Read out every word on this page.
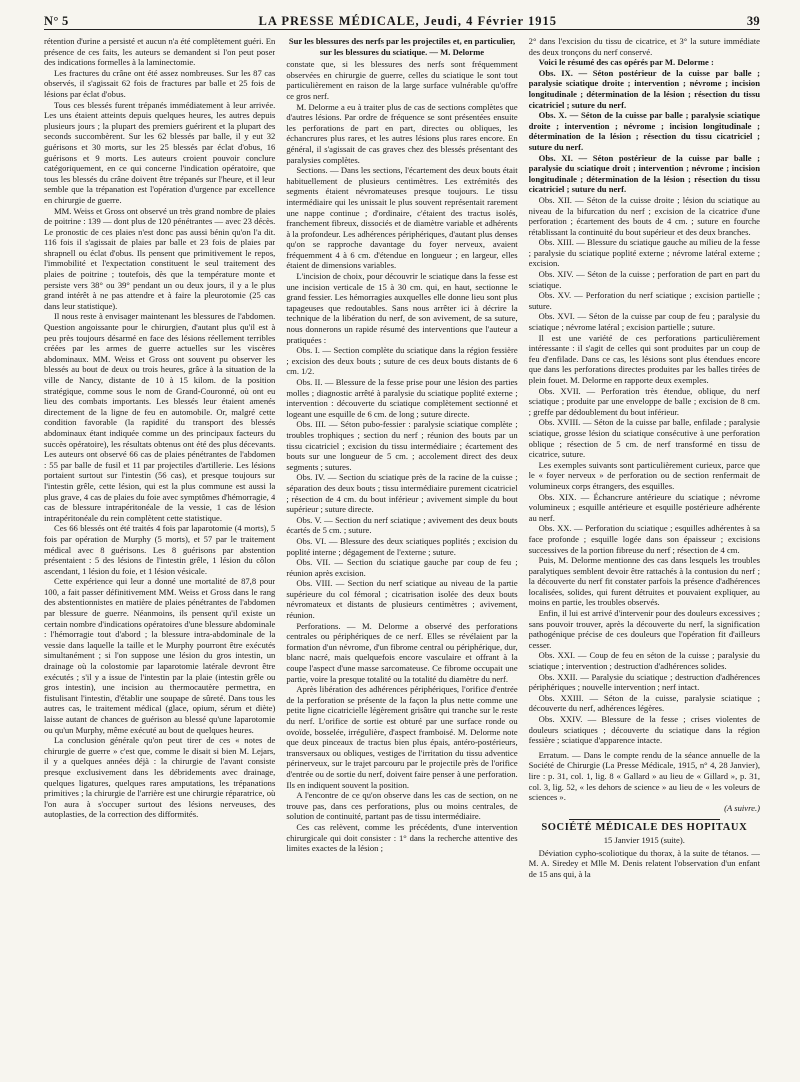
N° 5	LA PRESSE MÉDICALE, Jeudi, 4 Février 1915	39

rétention d'urine a persisté et aucun n'a été complètement guéri. En présence de ces faits, les auteurs se demandent si l'on peut poser des indications formelles à la laminectomie.

Les fractures du crâne ont été assez nombreuses. Sur les 87 cas observés, il s'agissait 62 fois de fractures par balle et 25 fois de lésions par éclat d'obus.

Tous ces blessés furent trépanés immédiatement à leur arrivée. Les uns étaient atteints depuis quelques heures, les autres depuis plusieurs jours ; la plupart des premiers guérirent et la plupart des seconds succombèrent. Sur les 62 blessés par balle, il y eut 32 guérisons et 30 morts, sur les 25 blessés par éclat d'obus, 16 guérisons et 9 morts. Les auteurs croient pouvoir conclure catégoriquement, en ce qui concerne l'indication opératoire, que tous les blessés du crâne doivent être trépanés sur l'heure, et il leur semble que la trépanation est l'opération d'urgence par excellence en chirurgie de guerre.

MM. Weiss et Gross ont observé un très grand nombre de plaies de poitrine : 139 — dont plus de 120 pénétrantes — avec 23 décès. Le pronostic de ces plaies n'est donc pas aussi bénin qu'on l'a dit. 116 fois il s'agissait de plaies par balle et 23 fois de plaies par shrapnell ou éclat d'obus. Ils pensent que primitivement le repos, l'immobilité et l'expectation constituent le seul traitement des plaies de poitrine ; toutefois, dès que la température monte et persiste vers 38° ou 39° pendant un ou deux jours, il y a le plus grand intérêt à ne pas attendre et à faire la pleurotomie (25 cas dans leur statistique).

Il nous reste à envisager maintenant les blessures de l'abdomen. Question angoissante pour le chirurgien, d'autant plus qu'il est à peu près toujours désarmé en face des lésions réellement terribles créées par les armes de guerre actuelles sur les viscères abdominaux. MM. Weiss et Gross ont souvent pu observer les blessés au bout de deux ou trois heures, grâce à la situation de la ville de Nancy, distante de 10 à 15 kilom. de la position stratégique, comme sous le nom de Grand-Couronné, où ont eu lieu des combats importants. Les blessés leur étaient amenés directement de la ligne de feu en automobile. Or, malgré cette condition favorable (la rapidité du transport des blessés abdominaux étant indiquée comme un des principaux facteurs du succès opératoire), les résultats obtenus ont été des plus décevants. Les auteurs ont observé 66 cas de plaies pénétrantes de l'abdomen : 55 par balle de fusil et 11 par projectiles d'artillerie. Les lésions portaient surtout sur l'intestin (56 cas), et presque toujours sur l'intestin grêle, cette lésion, qui est la plus commune est aussi la plus grave, 4 cas de plaies du foie avec symptômes d'hémorragie, 4 cas de blessure intrapéritonéale de la vessie, 1 cas de lésion intrapéritonéale du rein complètent cette statistique.

Ces 66 blessés ont été traités 4 fois par laparotomie (4 morts), 5 fois par opération de Murphy (5 morts), et 57 par le traitement médical avec 8 guérisons. Les 8 guérisons par abstention présentaient : 5 des lésions de l'intestin grêle, 1 lésion du côlon ascendant, 1 lésion du foie, et 1 lésion vésicale.

Cette expérience qui leur a donné une mortalité de 87,8 pour 100, a fait passer définitivement MM. Weiss et Gross dans le rang des abstentionnistes en matière de plaies pénétrantes de l'abdomen par blessure de guerre. Néanmoins, ils pensent qu'il existe un certain nombre d'indications opératoires d'une blessure abdominale : l'hémorragie tout d'abord ; la blessure intra-abdominale de la vessie dans laquelle la taille et le Murphy pourront être exécutés simultanément ; si l'on suppose une lésion du gros intestin, un drainage où la colostomie par laparotomie latérale devront être exécutés ; s'il y a issue de l'intestin par la plaie (intestin grêle ou gros intestin), une incision au thermocautère permettra, en fistulisant l'intestin, d'établir une soupape de sûreté. Dans tous les autres cas, le traitement médical (glace, opium, sérum et diète) laisse autant de chances de guérison au blessé qu'une laparotomie ou qu'un Murphy, même exécuté au bout de quelques heures.

La conclusion générale qu'on peut tirer de ces « notes de chirurgie de guerre » c'est que, comme le disait si bien M. Lejars, il y a quelques années déjà : la chirurgie de l'avant consiste presque exclusivement dans les débridements avec drainage, quelques ligatures, quelques rares amputations, les trépanations primitives ; la chirurgie de l'arrière est une chirurgie réparatrice, où l'on aura à s'occuper surtout des lésions nerveuses, des autoplasties, de la correction des difformités.

Sur les blessures des nerfs par les projectiles et, en particulier, sur les blessures du sciatique. — M. Delorme

constate que, si les blessures des nerfs sont fréquemment observées en chirurgie de guerre, celles du sciatique le sont tout particulièrement en raison de la large surface vulnérable qu'offre ce gros nerf.

M. Delorme a eu à traiter plus de cas de sections complètes que d'autres lésions. Par ordre de fréquence se sont présentées ensuite les perforations de part en part, directes ou obliques, les échancrures plus rares, et les autres lésions plus rares encore. En général, il s'agissait de cas graves chez des blessés présentant des paralysies complètes.

Sections. — Dans les sections, l'écartement des deux bouts était habituellement de plusieurs centimètres. Les extrémités des segments étaient névromateuses presque toujours. Le tissu intermédiaire qui les unissait le plus souvent représentait rarement une nappe continue ; d'ordinaire, c'étaient des tractus isolés, franchement fibreux, dissociés et de diamètre variable et adhérents à la profondeur. Les adhérences périphériques, d'autant plus denses qu'on se rapproche davantage du foyer nerveux, avaient fréquemment 4 à 6 cm. d'étendue en longueur ; en largeur, elles étaient de dimensions variables.

L'incision de choix, pour découvrir le sciatique dans la fesse est une incision verticale de 15 à 30 cm. qui, en haut, sectionne le grand fessier. Les hémorragies auxquelles elle donne lieu sont plus tapageuses que redoutables. Sans nous arrêter ici à décrire la technique de la libération du nerf, de son avivement, de sa suture, nous donnerons un rapide résumé des interventions que l'auteur a pratiquées :

Obs. I. — Section complète du sciatique dans la région fessière ; excision des deux bouts ; suture de ces deux bouts distants de 6 cm. 1/2.

Obs. II. — Blessure de la fesse prise pour une lésion des parties molles ; diagnostic arrêté à paralysie du sciatique poplité externe ; intervention : découverte du sciatique complètement sectionné et logeant une esquille de 6 cm. de long ; suture directe.

Obs. III. — Séton pubo-fessier : paralysie sciatique complète ; troubles trophiques ; section du nerf ; réunion des bouts par un tissu cicatriciel ; excision du tissu intermédiaire ; écartement des bouts sur une longueur de 5 cm. ; accolement direct des deux segments ; sutures.

Obs. IV. — Section du sciatique près de la racine de la cuisse ; séparation des deux bouts ; tissu intermédiaire purement cicatriciel ; résection de 4 cm. du bout inférieur ; avivement simple du bout supérieur ; suture directe.

Obs. V. — Section du nerf sciatique ; avivement des deux bouts écartés de 5 cm. ; suture.

Obs. VI. — Blessure des deux sciatiques poplités ; excision du poplité interne ; dégagement de l'externe ; suture.

Obs. VII. — Section du sciatique gauche par coup de feu ; réunion après excision.

Obs. VIII. — Section du nerf sciatique au niveau de la partie supérieure du col fémoral ; cicatrisation isolée des deux bouts névromateux et distants de plusieurs centimètres ; avivement, réunion.

Perforations. — M. Delorme a observé des perforations centrales ou périphériques de ce nerf. Elles se révélaient par la formation d'un névrome, d'un fibrome central ou périphérique, dur, blanc nacré, mais quelquefois encore vasculaire et offrant à la coupe l'aspect d'une masse sarcomateuse. Ce fibrome occupait une partie, voire la presque totalité ou la totalité du diamètre du nerf.

Après libération des adhérences périphériques, l'orifice d'entrée de la perforation se présente de la façon la plus nette comme une petite ligne cicatricielle légèrement grisâtre qui tranche sur le reste du nerf. L'orifice de sortie est obturé par une surface ronde ou ovoïde, bosselée, irrégulière, d'aspect framboisé. M. Delorme note que deux pinceaux de tractus bien plus épais, antéro-postérieurs, transversaux ou obliques, vestiges de l'irritation du tissu adventice périnerveux, sur le trajet parcouru par le projectile près de l'orifice d'entrée ou de sortie du nerf, doivent faire penser à une perforation. Ils en indiquent souvent la position.

A l'encontre de ce qu'on observe dans les cas de section, on ne trouve pas, dans ces perforations, plus ou moins centrales, de solution de continuité, partant pas de tissu intermédiaire.

Ces cas relèvent, comme les précédents, d'une intervention chirurgicale qui doit consister : 1° dans la recherche attentive des limites exactes de la lésion ;

2° dans l'excision du tissu de cicatrice, et 3° la suture immédiate des deux tronçons du nerf conservé.

Voici le résumé des cas opérés par M. Delorme :

Obs. IX. — Séton postérieur de la cuisse par balle ; paralysie sciatique droite ; intervention ; névrome ; incision longitudinale ; détermination de la lésion ; résection du tissu cicatriciel ; suture du nerf.

Obs. X. — Séton de la cuisse par balle ; paralysie sciatique droite ; intervention ; névrome ; incision longitudinale ; détermination de la lésion ; résection du tissu cicatriciel ; suture du nerf.

Obs. XI. — Séton postérieur de la cuisse par balle ; paralysie du sciatique droit ; intervention ; névrome ; incision longitudinale ; détermination de la lésion ; résection du tissu cicatriciel ; suture du nerf.

Obs. XII. — Séton de la cuisse droite ; lésion du sciatique au niveau de la bifurcation du nerf ; excision de la cicatrice d'une perforation ; écartement des bouts de 4 cm. ; suture en fourche rétablissant la continuité du bout supérieur et des deux branches.

Obs. XIII. — Blessure du sciatique gauche au milieu de la fesse ; paralysie du sciatique poplité externe ; névrome latéral externe ; excision.

Obs. XIV. — Séton de la cuisse ; perforation de part en part du sciatique.

Obs. XV. — Perforation du nerf sciatique ; excision partielle ; suture.

Obs. XVI. — Séton de la cuisse par coup de feu ; paralysie du sciatique ; névrome latéral ; excision partielle ; suture.

Il est une variété de ces perforations particulièrement intéressante : il s'agit de celles qui sont produites par un coup de feu d'enfilade. Dans ce cas, les lésions sont plus étendues encore que dans les perforations directes produites par les balles tirées de plein fouet. M. Delorme en rapporte deux exemples.

Obs. XVII. — Perforation très étendue, oblique, du nerf sciatique ; produite par une enveloppe de balle ; excision de 8 cm. ; greffe par dédoublement du bout inférieur.

Obs. XVIII. — Séton de la cuisse par balle, enfilade ; paralysie sciatique, grosse lésion du sciatique consécutive à une perforation oblique ; résection de 5 cm. de nerf transformé en tissu de cicatrice, suture.

Les exemples suivants sont particulièrement curieux, parce que le « foyer nerveux » de perforation ou de section renfermait de volumineux corps étrangers, des esquilles.

Obs. XIX. — Échancrure antérieure du sciatique ; névrome volumineux ; esquille antérieure et esquille postérieure adhérente au nerf.

Obs. XX. — Perforation du sciatique ; esquilles adhérentes à sa face profonde ; esquille logée dans son épaisseur ; excisions successives de la portion fibreuse du nerf ; résection de 4 cm.

Puis, M. Delorme mentionne des cas dans lesquels les troubles paralytiques semblent devoir être rattachés à la contusion du nerf ; la découverte du nerf fit constater parfois la présence d'adhérences localisées, solides, qui furent détruites et pouvaient expliquer, au moins en partie, les troubles observés.

Enfin, il lui est arrivé d'intervenir pour des douleurs excessives ; sans pouvoir trouver, après la découverte du nerf, la signification pathogénique précise de ces douleurs que l'opération fit d'ailleurs cesser.

Obs. XXI. — Coup de feu en séton de la cuisse ; paralysie du sciatique ; intervention ; destruction d'adhérences solides.

Obs. XXII. — Paralysie du sciatique ; destruction d'adhérences périphériques ; nouvelle intervention ; nerf intact.

Obs. XXIII. — Séton de la cuisse, paralysie sciatique ; découverte du nerf, adhérences légères.

Obs. XXIV. — Blessure de la fesse ; crises violentes de douleurs sciatiques ; découverte du sciatique dans la région fessière ; sciatique d'apparence intacte.

Erratum. — Dans le compte rendu de la séance annuelle de la Société de Chirurgie (La Presse Médicale, 1915, n° 4, 28 Janvier), lire : p. 31, col. 1, lig. 8 « Gallard » au lieu de « Gillard », p. 31, col. 3, lig. 52, « les dehors de science » au lieu de « les voleurs de sciences ».

(A suivre.)

SOCIÉTÉ MÉDICALE DES HOPITAUX
15 Janvier 1915 (suite).

Déviation cypho-scoliotique du thorax, à la suite de tétanos. — M. A. Siredey et Mlle M. Denis relatent l'observation d'un enfant de 15 ans qui, à la
